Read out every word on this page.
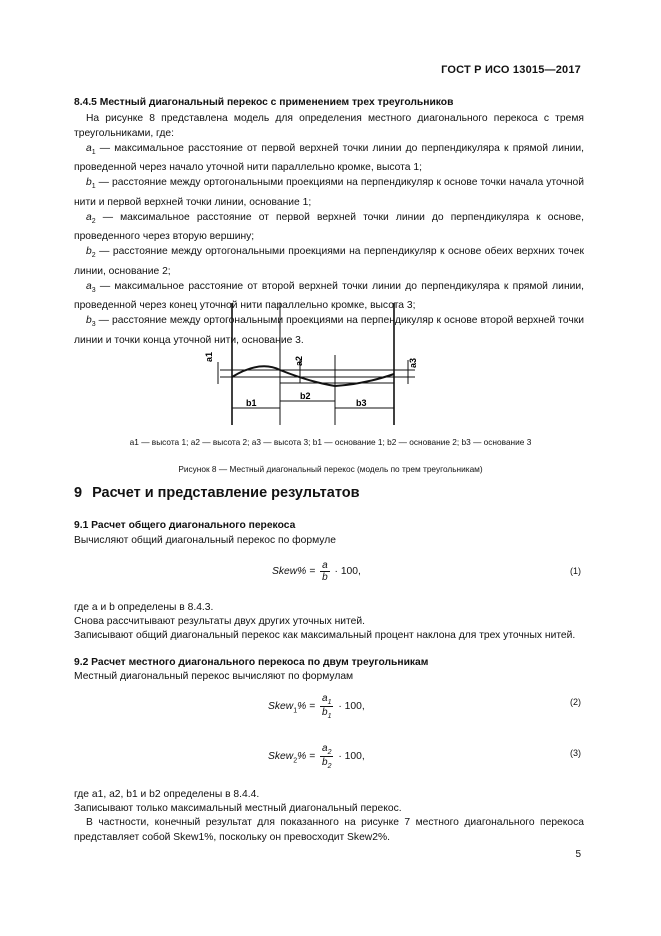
ГОСТ Р ИСО 13015—2017
8.4.5 Местный диагональный перекос с применением трех треугольников
На рисунке 8 представлена модель для определения местного диагонального перекоса с тремя треугольниками, где:
$a_1$ — максимальное расстояние от первой верхней точки линии до перпендикуляра к прямой линии, проведенной через начало уточной нити параллельно кромке, высота 1;
$b_1$ — расстояние между ортогональными проекциями на перпендикуляр к основе точки начала уточной нити и первой верхней точки линии, основание 1;
$a_2$ — максимальное расстояние от первой верхней точки линии до перпендикуляра к основе, проведенного через вторую вершину;
$b_2$ — расстояние между ортогональными проекциями на перпендикуляр к основе обеих верхних точек линии, основание 2;
$a_3$ — максимальное расстояние от второй верхней точки линии до перпендикуляра к прямой линии, проведенной через конец уточной нити параллельно кромке, высота 3;
$b_3$ — расстояние между ортогональными проекциями на перпендикуляр к основе второй верхней точки линии и точки конца уточной нити, основание 3.
a1	a2	a3
b1
b2
b3
a1 — высота 1; a2 — высота 2; a3 — высота 3; b1 — основание 1; b2 — основание 2; b3 — основание 3
Рисунок 8 — Местный диагональный перекос (модель по трем треугольникам)
9 Расчет и представление результатов
9.1 Расчет общего диагонального перекоса
Вычисляют общий диагональный перекос по формуле
Skew% = $\frac{a}{b} \cdot 100$,	(1)
где a и b определены в 8.4.3.
Снова рассчитывают результаты двух других уточных нитей.
Записывают общий диагональный перекос как максимальный процент наклона для трех уточных нитей.
9.2 Расчет местного диагонального перекоса по двум треугольникам
Местный диагональный перекос вычисляют по формулам
Skew$_1$% = $\frac{a_1}{b_1} \cdot 100$,	(2)
Skew$_2$% = $\frac{a_2}{b_2} \cdot 100$,	(3)
где a1, a2, b1 и b2 определены в 8.4.4.
Записывают только максимальный местный диагональный перекос.
В частности, конечный результат для показанного на рисунке 7 местного диагонального перекоса представляет собой Skew1%, поскольку он превосходит Skew2%.
5
